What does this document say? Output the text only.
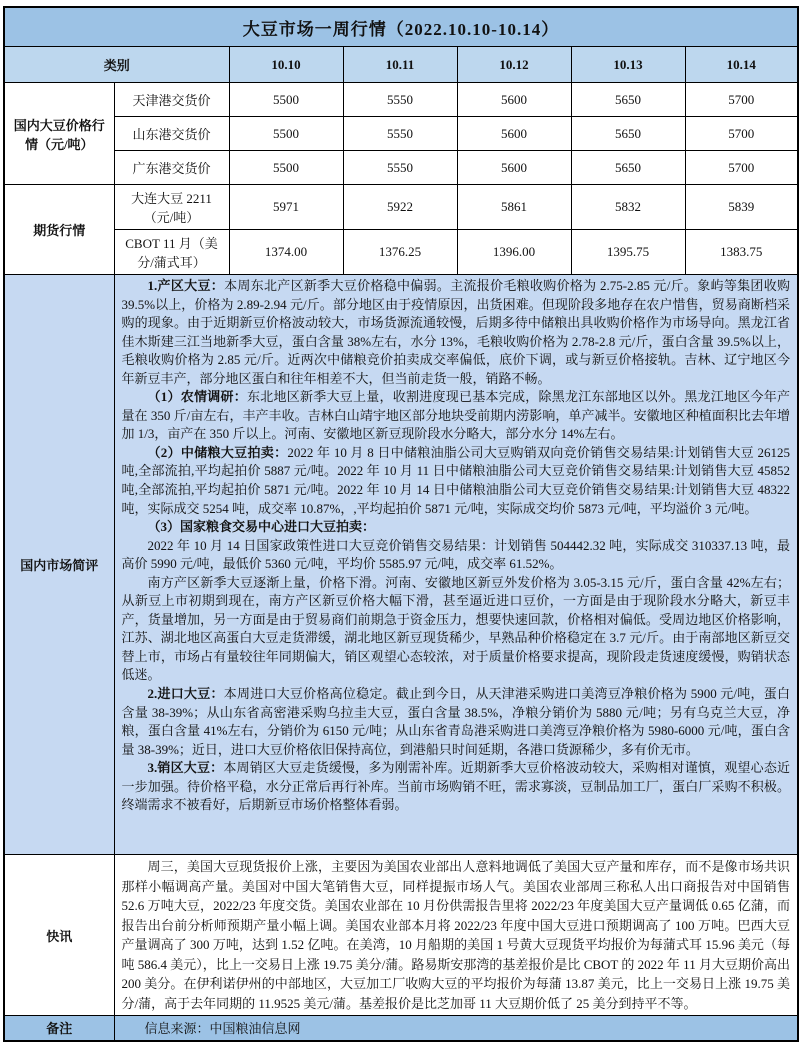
大豆市场一周行情（2022.10.10-10.14）						
类别		10.10	10.11	10.12	10.13	10.14
国内大豆价格行情（元/吨）	天津港交货价	5500	5550	5600	5650	5700
	山东港交货价	5500	5550	5600	5650	5700
	广东港交货价	5500	5550	5600	5650	5700
期货行情	大连大豆 2211（元/吨）	5971	5922	5861	5832	5839
	CBOT 11 月（美分/蒲式耳）	1374.00	1376.25	1396.00	1395.75	1383.75
国内市场简评	

1.产区大豆：本周东北产区新季大豆价格稳中偏弱。主流报价毛粮收购价格为 2.75-2.85 元/斤。象屿等集团收购 39.5%以上，价格为 2.89-2.94 元/斤。部分地区由于疫情原因，出货困难。但现阶段多地存在农户惜售，贸易商断档采购的现象。由于近期新豆价格波动较大，市场货源流通较慢，后期多待中储粮出具收购价格作为市场导向。黑龙江省佳木斯建三江当地新季大豆，蛋白含量 38%左右，水分 13%，毛粮收购价格为 2.78-2.8 元/斤，蛋白含量 39.5%以上，毛粮收购价格为 2.85 元/斤。近两次中储粮竞价拍卖成交率偏低，底价下调，或与新豆价格接轨。吉林、辽宁地区今年新豆丰产，部分地区蛋白和往年相差不大，但当前走货一般，销路不畅。

（1）农情调研：东北地区新季大豆上量，收割进度现已基本完成，除黑龙江东部地区以外。黑龙江地区今年产量在 350 斤/亩左右，丰产丰收。吉林白山靖宇地区部分地块受前期内涝影响，单产减半。安徽地区种植面积比去年增加 1/3，亩产在 350 斤以上。河南、安徽地区新豆现阶段水分略大，部分水分 14%左右。

（2）中储粮大豆拍卖：2022 年 10 月 8 日中储粮油脂公司大豆购销双向竞价销售交易结果:计划销售大豆 26125 吨,全部流拍,平均起拍价 5887 元/吨。2022 年 10 月 11 日中储粮油脂公司大豆竞价销售交易结果:计划销售大豆 45852 吨,全部流拍,平均起拍价 5871 元/吨。2022 年 10 月 14 日中储粮油脂公司大豆竞价销售交易结果:计划销售大豆 48322 吨，实际成交 5254 吨，成交率 10.87%，,平均起拍价 5871 元/吨，实际成交均价 5873 元/吨，平均溢价 3 元/吨。

（3）国家粮食交易中心进口大豆拍卖：

2022 年 10 月 14 日国家政策性进口大豆竞价销售交易结果：计划销售 504442.32 吨，实际成交 310337.13 吨，最高价 5990 元/吨，最低价 5360 元/吨，平均价 5585.97 元/吨，成交率 61.52%。

南方产区新季大豆逐渐上量，价格下滑。河南、安徽地区新豆外发价格为 3.05-3.15 元/斤，蛋白含量 42%左右；从新豆上市初期到现在，南方产区新豆价格大幅下滑，甚至逼近进口豆价，一方面是由于现阶段水分略大，新豆丰产，货量增加，另一方面是由于贸易商们前期急于资金压力，想要快速回款，价格相对偏低。受周边地区价格影响，江苏、湖北地区高蛋白大豆走货滞缓，湖北地区新豆现货稀少，早熟品种价格稳定在 3.7 元/斤。由于南部地区新豆交替上市，市场占有量较往年同期偏大，销区观望心态较浓，对于质量价格要求提高，现阶段走货速度缓慢，购销状态低迷。

2.进口大豆：本周进口大豆价格高位稳定。截止到今日，从天津港采购进口美湾豆净粮价格为 5900 元/吨，蛋白含量 38-39%；从山东省高密港采购乌拉圭大豆，蛋白含量 38.5%，净粮分销价为 5880 元/吨；另有乌克兰大豆，净粮，蛋白含量 41%左右，分销价为 6150 元/吨；从山东省青岛港采购进口美湾豆净粮价格为 5980-6000 元/吨，蛋白含量 38-39%；近日，进口大豆价格依旧保持高位，到港船只时间延期，各港口货源稀少，多有价无市。

3.销区大豆：本周销区大豆走货缓慢，多为刚需补库。近期新季大豆价格波动较大，采购相对谨慎，观望心态近一步加强。待价格平稳，水分正常后再行补库。当前市场购销不旺，需求寡淡，豆制品加工厂，蛋白厂采购不积极。终端需求不被看好，后期新豆市场价格整体看弱。

快讯	周三，美国大豆现货报价上涨，主要因为美国农业部出人意料地调低了美国大豆产量和库存，而不是像市场共识那样小幅调高产量。美国对中国大笔销售大豆，同样提振市场人气。美国农业部周三称私人出口商报告对中国销售 52.6 万吨大豆，2022/23 年度交货。美国农业部在 10 月份供需报告里将 2022/23 年度美国大豆产量调低 0.65 亿蒲，而报告出台前分析师预期产量小幅上调。美国农业部本月将 2022/23 年度中国大豆进口预期调高了 100 万吨。巴西大豆产量调高了 300 万吨，达到 1.52 亿吨。在美湾，10 月船期的美国 1 号黄大豆现货平均报价为每蒲式耳 15.96 美元（每吨 586.4 美元），比上一交易日上涨 19.75 美分/蒲。路易斯安那湾的基差报价是比 CBOT 的 2022 年 11 月大豆期价高出 200 美分。在伊利诺伊州的中部地区，大豆加工厂收购大豆的平均报价为每蒲 13.87 美元，比上一交易日上涨 19.75 美分/蒲，高于去年同期的 11.9525 美元/蒲。基差报价是比芝加哥 11 大豆期价低了 25 美分到持平不等。					

备注	信息来源：中国粮油信息网					
